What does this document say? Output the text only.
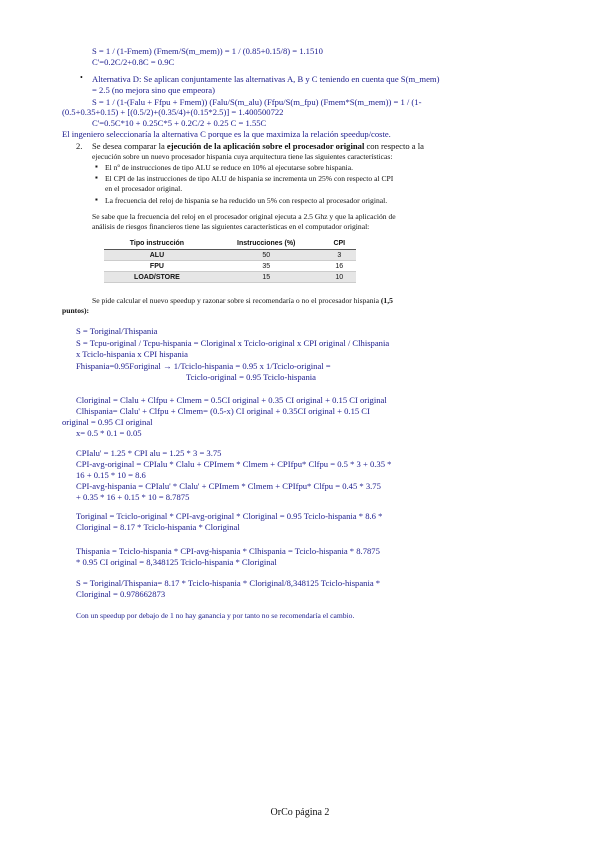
S = 1 / (1-Fmem) (Fmem/S(m_mem)) = 1 / (0.85+0.15/8) = 1.1510
C'=0.2C/2+0.8C = 0.9C
• Alternativa D: Se aplican conjuntamente las alternativas A, B y C teniendo en cuenta que S(m_mem)
= 2.5 (no mejora sino que empeora)
S = 1 / (1-(Falu + Ffpu + Fmem)) (Falu/S(m_alu) (Ffpu/S(m_fpu) (Fmem*S(m_mem)) = 1 / (1-
(0.5+0.35+0.15) + [(0.5/2)+(0.35/4)+(0.15*2.5)] = 1.400500722
C'=0.5C*10 + 0.25C*5 + 0.2C/2 + 0.25 C = 1.55C
El ingeniero seleccionaría la alternativa C porque es la que maximiza la relación speedup/coste.
2. Se desea comparar la ejecución de la aplicación sobre el procesador original con respecto a la
ejecución sobre un nuevo procesador hispania cuya arquitectura tiene las siguientes características:
▪ El nº de instrucciones de tipo ALU se reduce en 10% al ejecutarse sobre hispania.
▪ El CPI de las instrucciones de tipo ALU de hispania se incrementa un 25% con respecto al CPI
en el procesador original.
▪ La frecuencia del reloj de hispania se ha reducido un 5% con respecto al procesador original.
Se sabe que la frecuencia del reloj en el procesador original ejecuta a 2.5 Ghz y que la aplicación de
análisis de riesgos financieros tiene las siguientes características en el computador original:
Tipo instrucción	Instrucciones (%)	CPI
ALU	50	3
FPU	35	16
LOAD/STORE	15	10
Se pide calcular el nuevo speedup y razonar sobre si recomendaría o no el procesador hispania (1,5
puntos):
S = Toriginal/Thispania
S = Tcpu-original / Tcpu-hispania = Cloriginal x Tciclo-original x CPI original / Clhispania
x Tciclo-hispania x CPI hispania
Fhispania=0.95Foriginal → 1/Tciclo-hispania = 0.95 x 1/Tciclo-original =
Tciclo-original = 0.95 Tciclo-hispania
Cloriginal = Clalu + Clfpu + Clmem = 0.5CI original + 0.35 CI original + 0.15 CI original
Clhispania= Clalu' + Clfpu + Clmem= (0.5-x) CI original + 0.35CI original + 0.15 CI
original = 0.95 CI original
x= 0.5 * 0.1 = 0.05
CPIalu' = 1.25 * CPI alu = 1.25 * 3 = 3.75
CPI-avg-original = CPIalu * Clalu + CPImem * Clmem + CPIfpu* Clfpu = 0.5 * 3 + 0.35 *
16 + 0.15 * 10 = 8.6
CPI-avg-hispania = CPIalu' * Clalu' + CPImem * Clmem + CPIfpu* Clfpu = 0.45 * 3.75
+ 0.35 * 16 + 0.15 * 10 = 8.7875
Toriginal = Tciclo-original * CPI-avg-original * Cloriginal = 0.95 Tciclo-hispania * 8.6 *
Cloriginal = 8.17 * Tciclo-hispania * Cloriginal
Thispania = Tciclo-hispania * CPI-avg-hispania * Clhispania = Tciclo-hispania * 8.7875
* 0.95 CI original = 8,348125 Tciclo-hispania * Cloriginal
S = Toriginal/Thispania= 8.17 * Tciclo-hispania * Cloriginal/8,348125 Tciclo-hispania *
Cloriginal = 0.978662873
Con un speedup por debajo de 1 no hay ganancia y por tanto no se recomendaría el cambio.
OrCo página 2
